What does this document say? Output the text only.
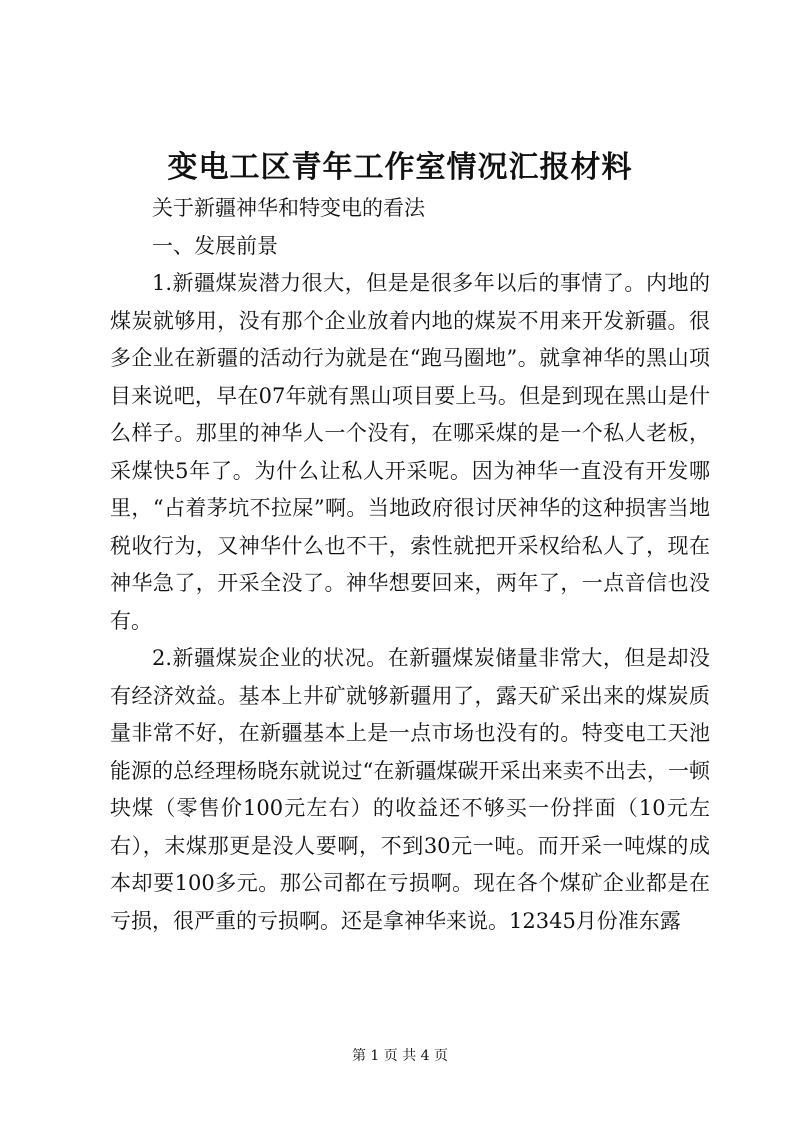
变电工区青年工作室情况汇报材料

关于新疆神华和特变电的看法

一、发展前景

1.新疆煤炭潜力很大，但是是很多年以后的事情了。内地的煤炭就够用，没有那个企业放着内地的煤炭不用来开发新疆。很多企业在新疆的活动行为就是在“跑马圈地”。就拿神华的黑山项目来说吧，早在07年就有黑山项目要上马。但是到现在黑山是什么样子。那里的神华人一个没有，在哪采煤的是一个私人老板，采煤快5年了。为什么让私人开采呢。因为神华一直没有开发哪里，“占着茅坑不拉屎”啊。当地政府很讨厌神华的这种损害当地税收行为，又神华什么也不干，索性就把开采权给私人了，现在神华急了，开采全没了。神华想要回来，两年了，一点音信也没有。

2.新疆煤炭企业的状况。在新疆煤炭储量非常大，但是却没有经济效益。基本上井矿就够新疆用了，露天矿采出来的煤炭质量非常不好，在新疆基本上是一点市场也没有的。特变电工天池能源的总经理杨晓东就说过“在新疆煤碳开采出来卖不出去，一顿块煤（零售价100元左右）的收益还不够买一份拌面（10元左右），末煤那更是没人要啊，不到30元一吨。而开采一吨煤的成本却要100多元。那公司都在亏损啊。现在各个煤矿企业都是在亏损，很严重的亏损啊。还是拿神华来说。12345月份准东露

第 1 页 共 4 页
